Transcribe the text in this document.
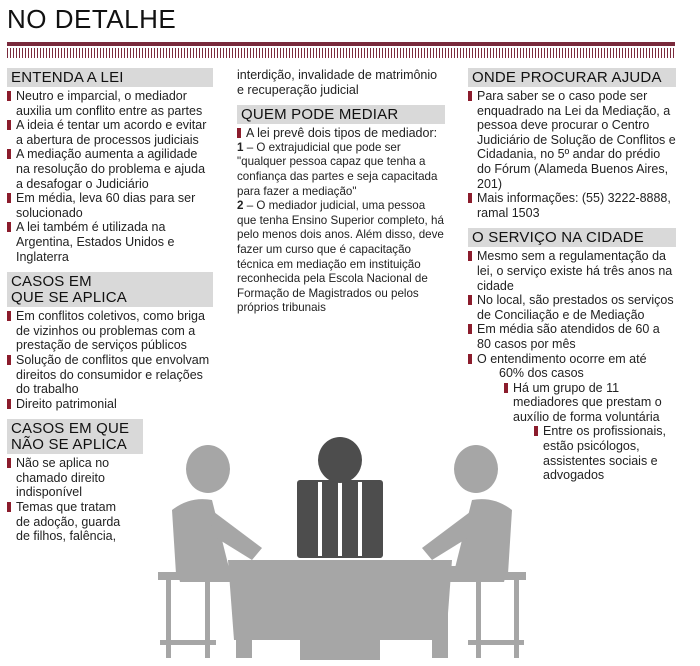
NO DETALHE
ENTENDA A LEI

Neutro e imparcial, o mediador auxilia um conflito entre as partes

A ideia é tentar um acordo e evitar a abertura de processos judiciais

A mediação aumenta a agilidade na resolução do problema e ajuda a desafogar o Judiciário

Em média, leva 60 dias para ser solucionado

A lei também é utilizada na Argentina, Estados Unidos e Inglaterra

CASOS EM
QUE SE APLICA

Em conflitos coletivos, como briga de vizinhos ou problemas com a prestação de serviços públicos

Solução de conflitos que envolvam direitos do consumidor e relações do trabalho

Direito patrimonial

CASOS EM QUE
NÃO SE APLICA

Não se aplica no chamado direito indisponível

Temas que tratam de adoção, guarda de filhos, falência,

interdição, invalidade de matrimônio e recuperação judicial

QUEM PODE MEDIAR

A lei prevê dois tipos de mediador:

1 – O extrajudicial que pode ser "qualquer pessoa capaz que tenha a confiança das partes e seja capacitada para fazer a mediação"

2 – O mediador judicial, uma pessoa que tenha Ensino Superior completo, há pelo menos dois anos. Além disso, deve fazer um curso que é capacitação técnica em mediação em instituição reconhecida pela Escola Nacional de Formação de Magistrados ou pelos próprios tribunais

ONDE PROCURAR AJUDA

Para saber se o caso pode ser enquadrado na Lei da Mediação, a pessoa deve procurar o Centro Judiciário de Solução de Conflitos e Cidadania, no 5º andar do prédio do Fórum (Alameda Buenos Aires, 201)

Mais informações: (55) 3222-8888, ramal 1503

O SERVIÇO NA CIDADE

Mesmo sem a regulamentação da lei, o serviço existe há três anos na cidade

No local, são prestados os serviços de Conciliação e de Mediação

Em média são atendidos de 60 a 80 casos por mês

O entendimento ocorre em até
60% dos casos
Há um grupo de 11
mediadores que prestam o
auxílio de forma voluntária
Entre os profissionais,
estão psicólogos,
assistentes sociais e
advogados
